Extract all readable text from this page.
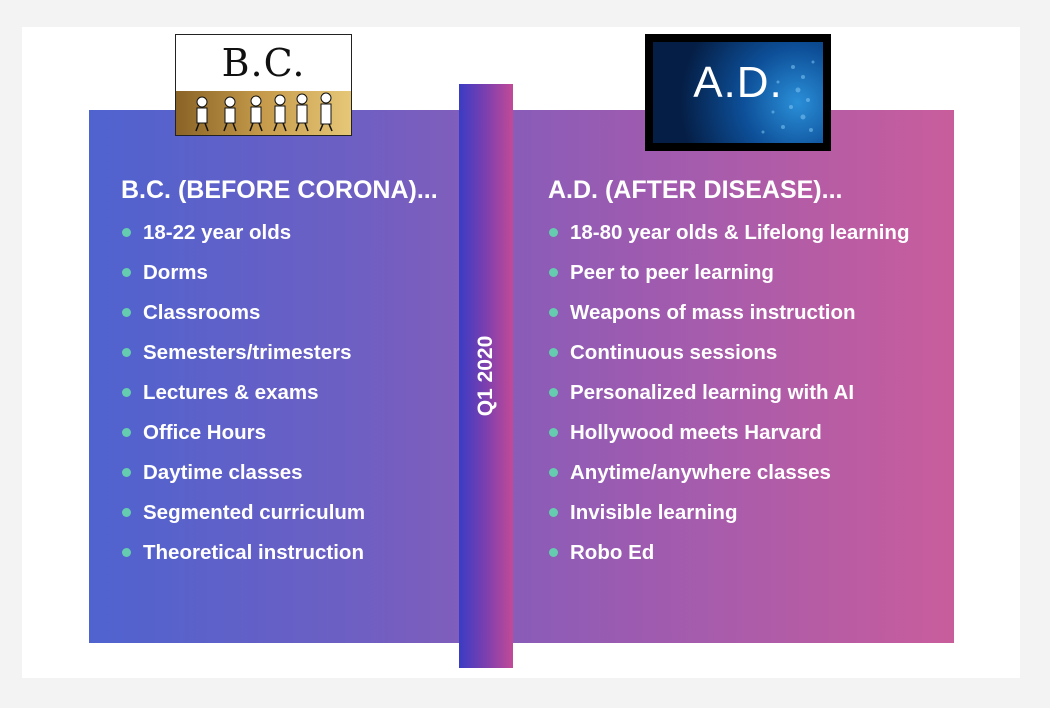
Q1 2020
B.C.	A.D.
B.C. (BEFORE CORONA)...
18-22 year olds
Dorms
Classrooms
Semesters/trimesters
Lectures & exams
Office Hours
Daytime classes
Segmented curriculum
Theoretical instruction
A.D. (AFTER DISEASE)...
18-80 year olds & Lifelong learning
Peer to peer learning
Weapons of mass instruction
Continuous sessions
Personalized learning with AI
Hollywood meets Harvard
Anytime/anywhere classes
Invisible learning
Robo Ed
